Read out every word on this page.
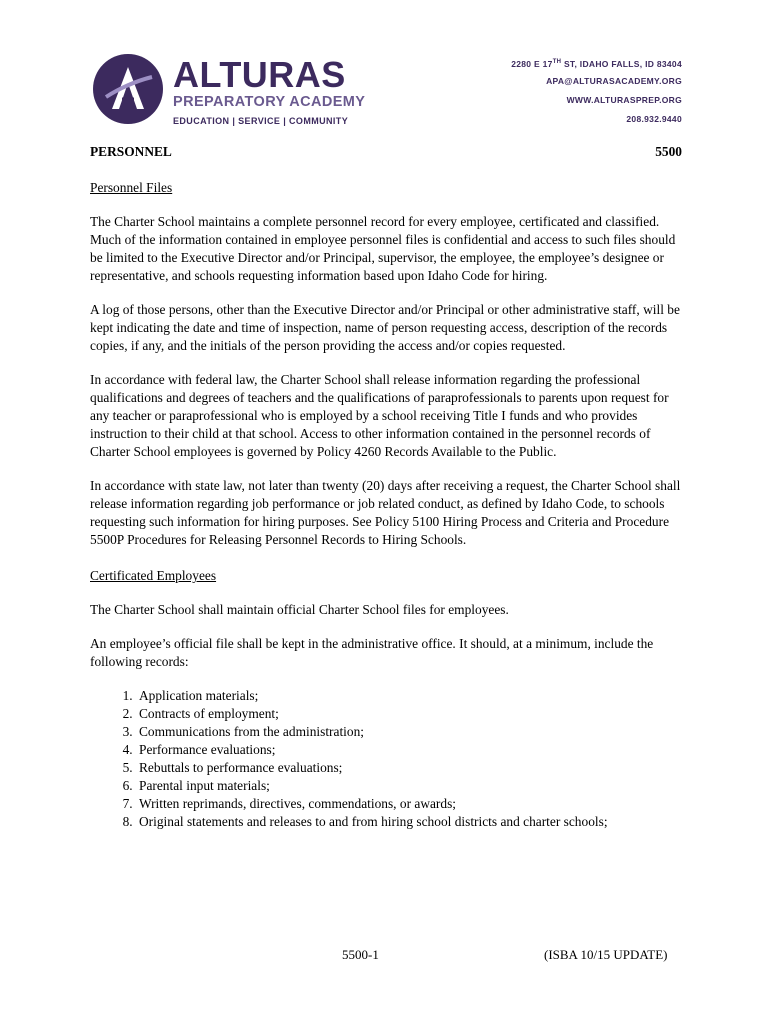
ALTURAS
PREPARATORY ACADEMY
EDUCATION | SERVICE | COMMUNITY
2280 E 17TH ST, IDAHO FALLS, ID 83404
APA@ALTURASACADEMY.ORG
WWW.ALTURASPREP.ORG
208.932.9440
PERSONNEL	5500
Personnel Files

The Charter School maintains a complete personnel record for every employee, certificated and classified. Much of the information contained in employee personnel files is confidential and access to such files should be limited to the Executive Director and/or Principal, supervisor, the employee, the employee’s designee or representative, and schools requesting information based upon Idaho Code for hiring.

A log of those persons, other than the Executive Director and/or Principal or other administrative staff, will be kept indicating the date and time of inspection, name of person requesting access, description of the records copies, if any, and the initials of the person providing the access and/or copies requested.

In accordance with federal law, the Charter School shall release information regarding the professional qualifications and degrees of teachers and the qualifications of paraprofessionals to parents upon request for any teacher or paraprofessional who is employed by a school receiving Title I funds and who provides instruction to their child at that school. Access to other information contained in the personnel records of Charter School employees is governed by Policy 4260 Records Available to the Public.

In accordance with state law, not later than twenty (20) days after receiving a request, the Charter School shall release information regarding job performance or job related conduct, as defined by Idaho Code, to schools requesting such information for hiring purposes. See Policy 5100 Hiring Process and Criteria and Procedure 5500P Procedures for Releasing Personnel Records to Hiring Schools.

Certificated Employees

The Charter School shall maintain official Charter School files for employees.

An employee’s official file shall be kept in the administrative office. It should, at a minimum, include the following records:

1. Application materials;
2. Contracts of employment;
3. Communications from the administration;
4. Performance evaluations;
5. Rebuttals to performance evaluations;
6. Parental input materials;
7. Written reprimands, directives, commendations, or awards;
8. Original statements and releases to and from hiring school districts and charter schools;
5500-1	(ISBA 10/15 UPDATE)
